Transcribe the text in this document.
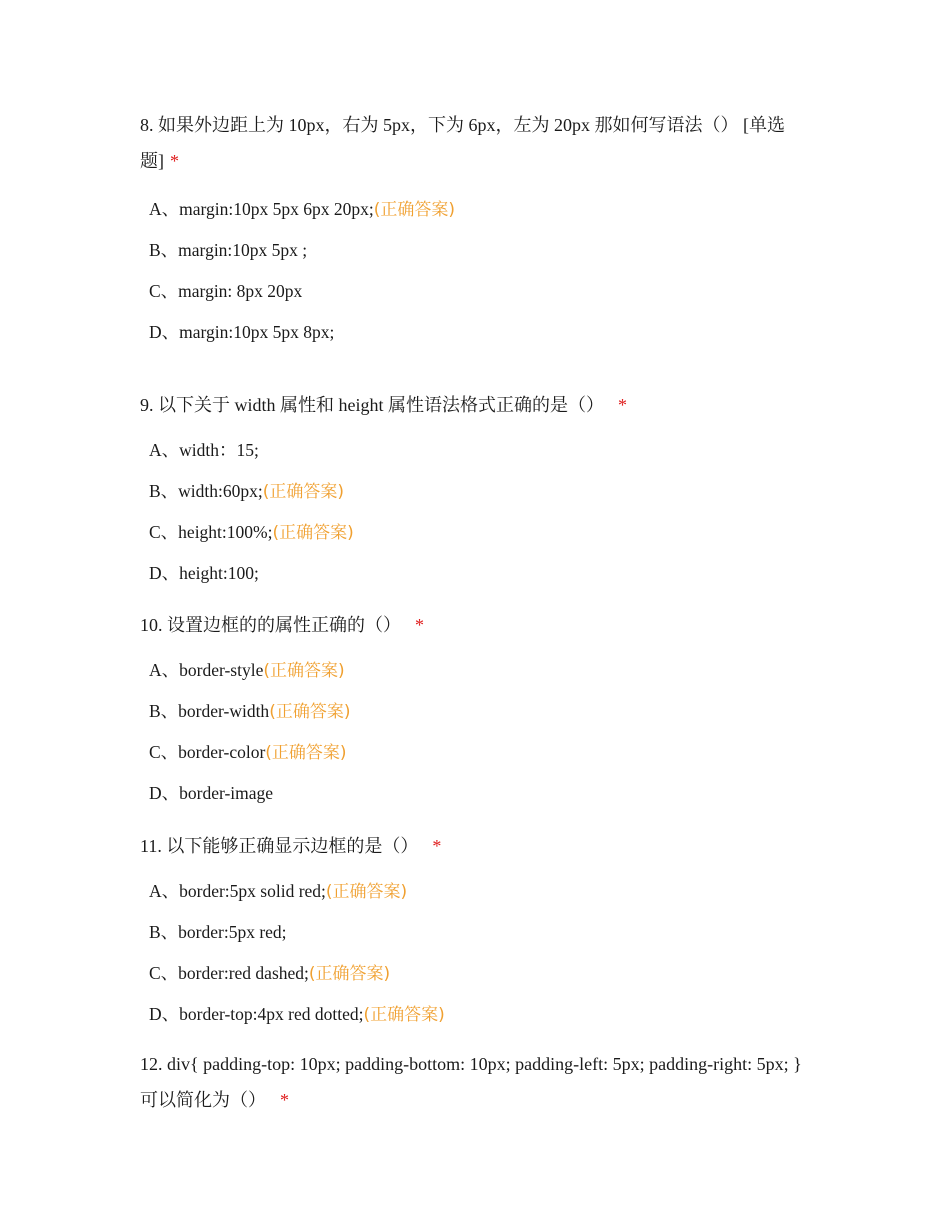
8. 如果外边距上为 10px，右为 5px，下为 6px，左为 20px 那如何写语法（） [单选题] *

A、margin:10px 5px 6px 20px;(正确答案)
B、margin:10px 5px ;
C、margin: 8px 20px
D、margin:10px 5px 8px;

9. 以下关于 width 属性和 height 属性语法格式正确的是（） *

A、width：15;
B、width:60px;(正确答案)
C、height:100%;(正确答案)
D、height:100;

10. 设置边框的的属性正确的（） *

A、border-style(正确答案)
B、border-width(正确答案)
C、border-color(正确答案)
D、border-image

11. 以下能够正确显示边框的是（） *

A、border:5px solid red;(正确答案)
B、border:5px red;
C、border:red dashed;(正确答案)
D、border-top:4px red dotted;(正确答案)

12. div{ padding-top: 10px; padding-bottom: 10px; padding-left: 5px; padding-right: 5px; }可以简化为（） *
